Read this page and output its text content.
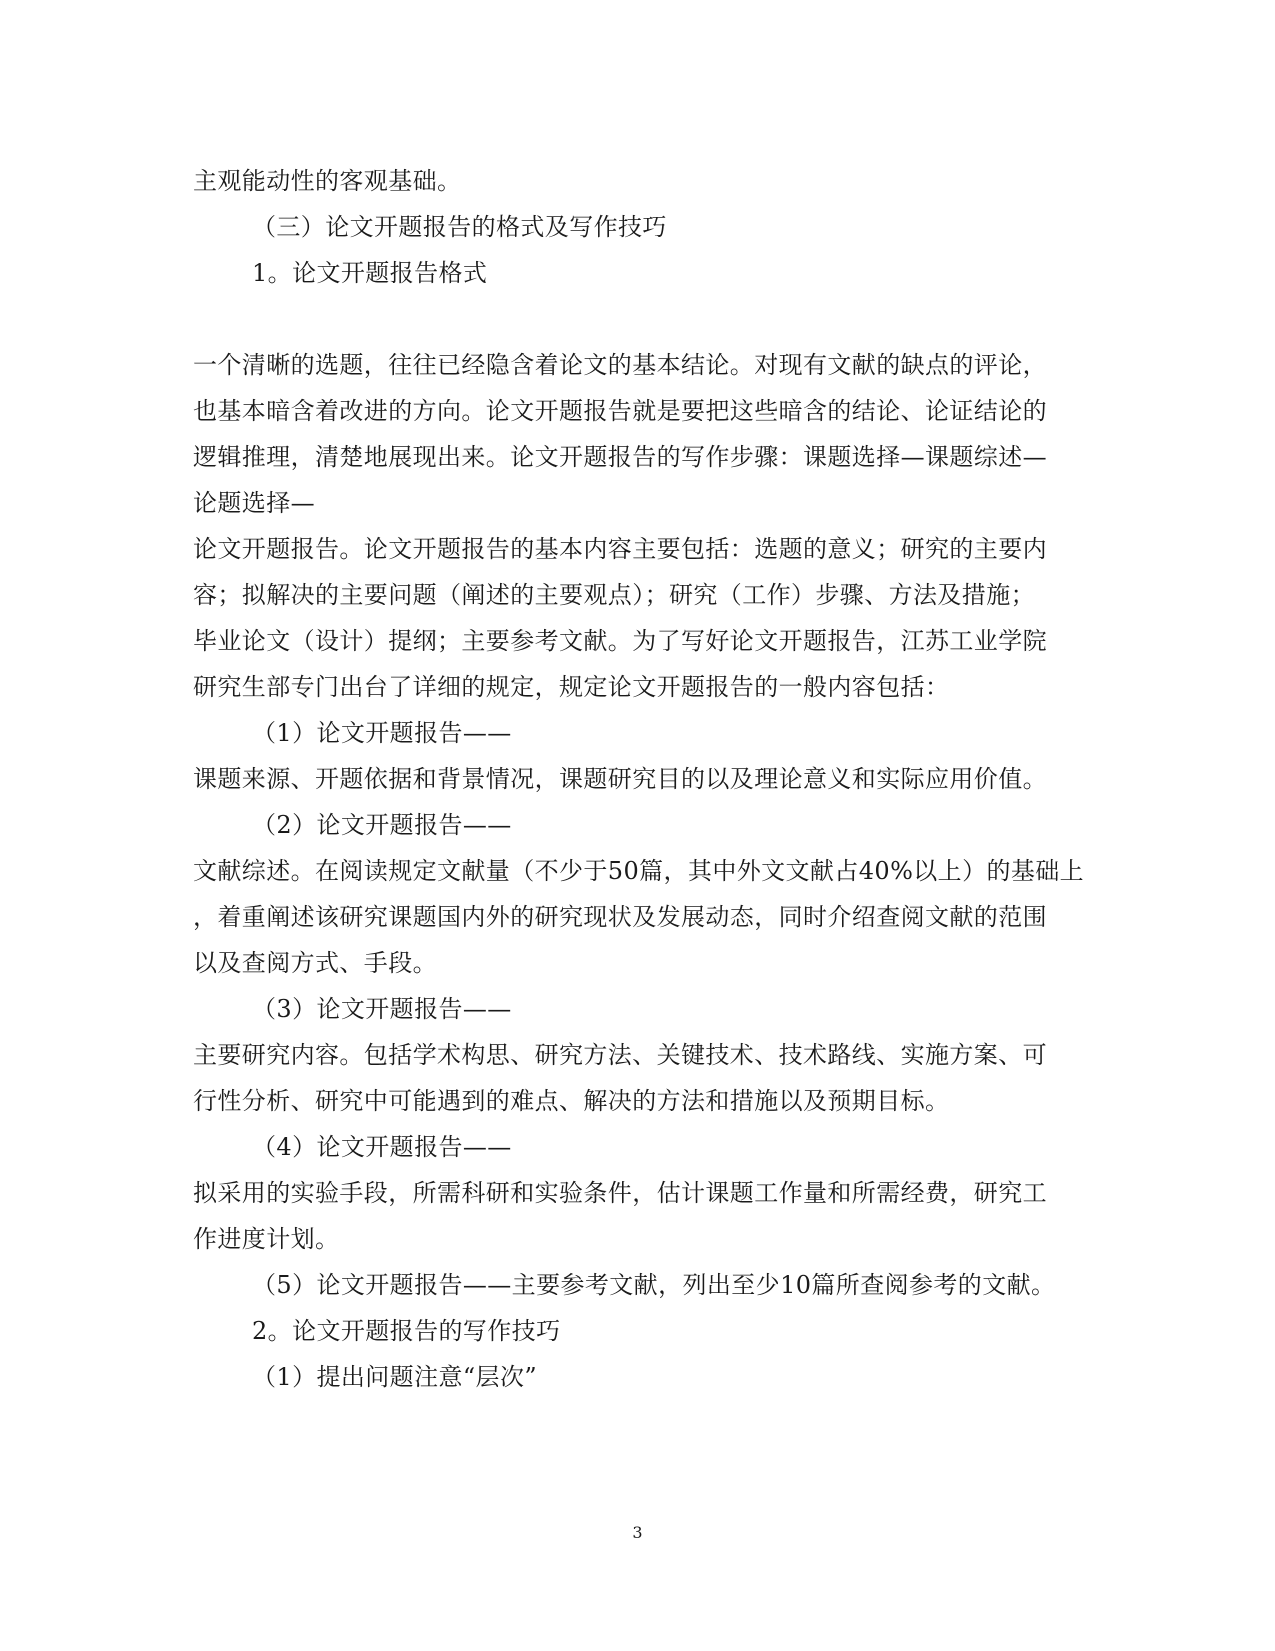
主观能动性的客观基础。
（三）论文开题报告的格式及写作技巧
1。论文开题报告格式
一个清晰的选题，往往已经隐含着论文的基本结论。对现有文献的缺点的评论，
也基本暗含着改进的方向。论文开题报告就是要把这些暗含的结论、论证结论的
逻辑推理，清楚地展现出来。论文开题报告的写作步骤：课题选择—课题综述—
论题选择—
论文开题报告。论文开题报告的基本内容主要包括：选题的意义；研究的主要内
容；拟解决的主要问题（阐述的主要观点）；研究（工作）步骤、方法及措施；
毕业论文（设计）提纲；主要参考文献。为了写好论文开题报告，江苏工业学院
研究生部专门出台了详细的规定，规定论文开题报告的一般内容包括：
（1）论文开题报告——
课题来源、开题依据和背景情况，课题研究目的以及理论意义和实际应用价值。
（2）论文开题报告——
文献综述。在阅读规定文献量（不少于50篇，其中外文文献占40%以上）的基础上
，着重阐述该研究课题国内外的研究现状及发展动态，同时介绍查阅文献的范围
以及查阅方式、手段。
（3）论文开题报告——
主要研究内容。包括学术构思、研究方法、关键技术、技术路线、实施方案、可
行性分析、研究中可能遇到的难点、解决的方法和措施以及预期目标。
（4）论文开题报告——
拟采用的实验手段，所需科研和实验条件，估计课题工作量和所需经费，研究工
作进度计划。
（5）论文开题报告——主要参考文献，列出至少10篇所查阅参考的文献。
2。论文开题报告的写作技巧
（1）提出问题注意“层次”
3
